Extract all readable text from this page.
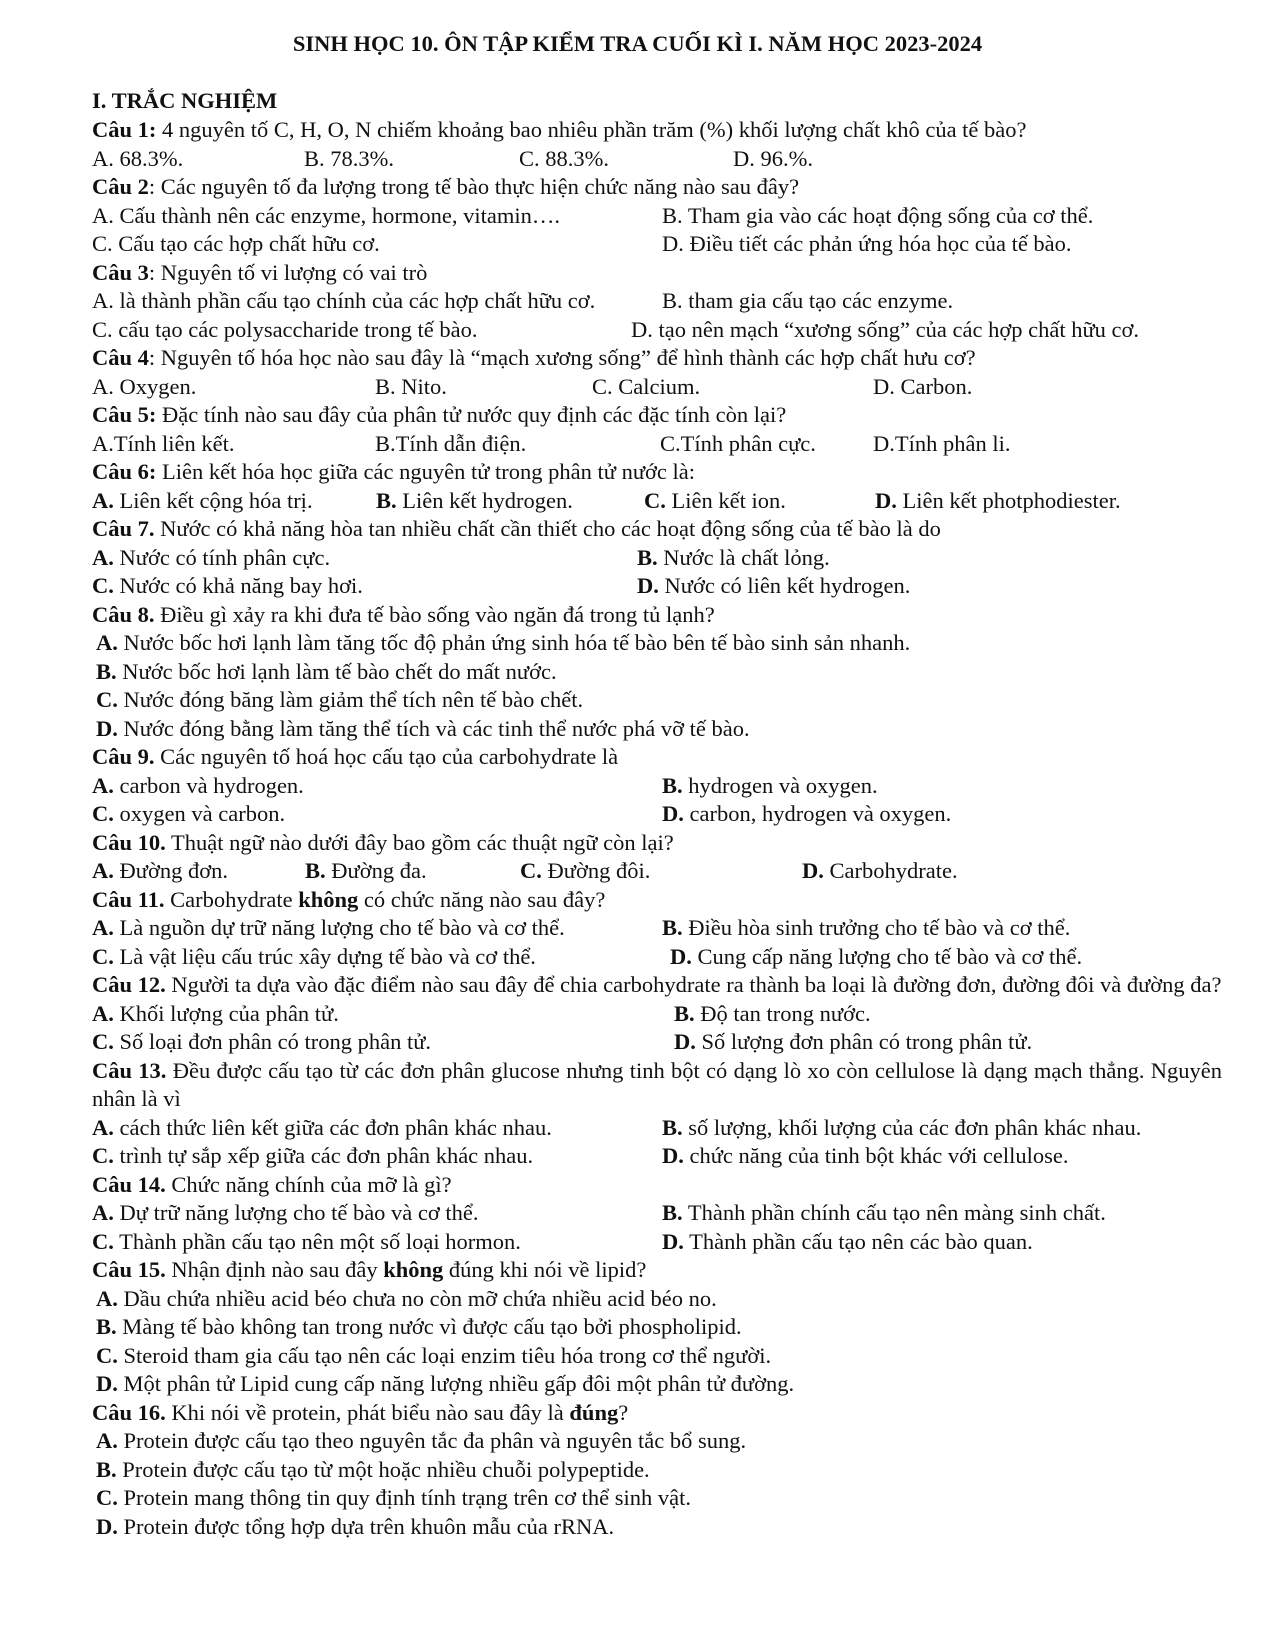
SINH HỌC 10. ÔN TẬP KIỂM TRA CUỐI KÌ I. NĂM HỌC 2023-2024
I. TRẮC NGHIỆM
Câu 1: 4 nguyên tố C, H, O, N chiếm khoảng bao nhiêu phần trăm (%) khối lượng chất khô của tế bào?
A. 68.3%.	B. 78.3%.	C. 88.3%.	D. 96.%.
Câu 2: Các nguyên tố đa lượng trong tế bào thực hiện chức năng nào sau đây?
A. Cấu thành nên các enzyme, hormone, vitamin….	B. Tham gia vào các hoạt động sống của cơ thể.
C. Cấu tạo các hợp chất hữu cơ.	D. Điều tiết các phản ứng hóa học của tế bào.
Câu 3: Nguyên tố vi lượng có vai trò
A. là thành phần cấu tạo chính của các hợp chất hữu cơ.	B. tham gia cấu tạo các enzyme.
C. cấu tạo các polysaccharide trong tế bào.	D. tạo nên mạch “xương sống” của các hợp chất hữu cơ.
Câu 4: Nguyên tố hóa học nào sau đây là “mạch xương sống” để hình thành các hợp chất hưu cơ?
A. Oxygen.	B. Nito.	C. Calcium.	D. Carbon.
Câu 5: Đặc tính nào sau đây của phân tử nước quy định các đặc tính còn lại?
A.Tính liên kết.	B.Tính dẫn điện.	C.Tính phân cực.	D.Tính phân li.
Câu 6: Liên kết hóa học giữa các nguyên tử trong phân tử nước là:
A. Liên kết cộng hóa trị.	B. Liên kết hydrogen.	C. Liên kết ion.	D. Liên kết photphodiester.
Câu 7. Nước có khả năng hòa tan nhiều chất cần thiết cho các hoạt động sống của tế bào là do
A. Nước có tính phân cực.	B. Nước là chất lỏng.
C. Nước có khả năng bay hơi.	D. Nước có liên kết hydrogen.
Câu 8. Điều gì xảy ra khi đưa tế bào sống vào ngăn đá trong tủ lạnh?
A. Nước bốc hơi lạnh làm tăng tốc độ phản ứng sinh hóa tế bào bên tế bào sinh sản nhanh.
B. Nước bốc hơi lạnh làm tế bào chết do mất nước.
C. Nước đóng băng làm giảm thể tích nên tế bào chết.
D. Nước đóng bằng làm tăng thể tích và các tinh thể nước phá vỡ tế bào.
Câu 9. Các nguyên tố hoá học cấu tạo của carbohydrate là
A. carbon và hydrogen.	B. hydrogen và oxygen.
C. oxygen và carbon.	D. carbon, hydrogen và oxygen.
Câu 10. Thuật ngữ nào dưới đây bao gồm các thuật ngữ còn lại?
A. Đường đơn.	B. Đường đa.	C. Đường đôi.	D. Carbohydrate.
Câu 11. Carbohydrate không có chức năng nào sau đây?
A. Là nguồn dự trữ năng lượng cho tế bào và cơ thể.	B. Điều hòa sinh trưởng cho tế bào và cơ thể.
C. Là vật liệu cấu trúc xây dựng tế bào và cơ thể.	D. Cung cấp năng lượng cho tế bào và cơ thể.
Câu 12. Người ta dựa vào đặc điểm nào sau đây để chia carbohydrate ra thành ba loại là đường đơn, đường đôi và đường đa?
A. Khối lượng của phân tử.	B. Độ tan trong nước.
C. Số loại đơn phân có trong phân tử.	D. Số lượng đơn phân có trong phân tử.
Câu 13. Đều được cấu tạo từ các đơn phân glucose nhưng tinh bột có dạng lò xo còn cellulose là dạng mạch thẳng. Nguyên nhân là vì
A. cách thức liên kết giữa các đơn phân khác nhau.	B. số lượng, khối lượng của các đơn phân khác nhau.
C. trình tự sắp xếp giữa các đơn phân khác nhau.	D. chức năng của tinh bột khác với cellulose.
Câu 14. Chức năng chính của mỡ là gì?
A. Dự trữ năng lượng cho tế bào và cơ thể.	B. Thành phần chính cấu tạo nên màng sinh chất.
C. Thành phần cấu tạo nên một số loại hormon.	D. Thành phần cấu tạo nên các bào quan.
Câu 15. Nhận định nào sau đây không đúng khi nói về lipid?
A. Dầu chứa nhiều acid béo chưa no còn mỡ chứa nhiều acid béo no.
B. Màng tế bào không tan trong nước vì được cấu tạo bởi phospholipid.
C. Steroid tham gia cấu tạo nên các loại enzim tiêu hóa trong cơ thể người.
D. Một phân tử Lipid cung cấp năng lượng nhiều gấp đôi một phân tử đường.
Câu 16. Khi nói về protein, phát biểu nào sau đây là đúng?
A. Protein được cấu tạo theo nguyên tắc đa phân và nguyên tắc bổ sung.
B. Protein được cấu tạo từ một hoặc nhiều chuỗi polypeptide.
C. Protein mang thông tin quy định tính trạng trên cơ thể sinh vật.
D. Protein được tổng hợp dựa trên khuôn mẫu của rRNA.
